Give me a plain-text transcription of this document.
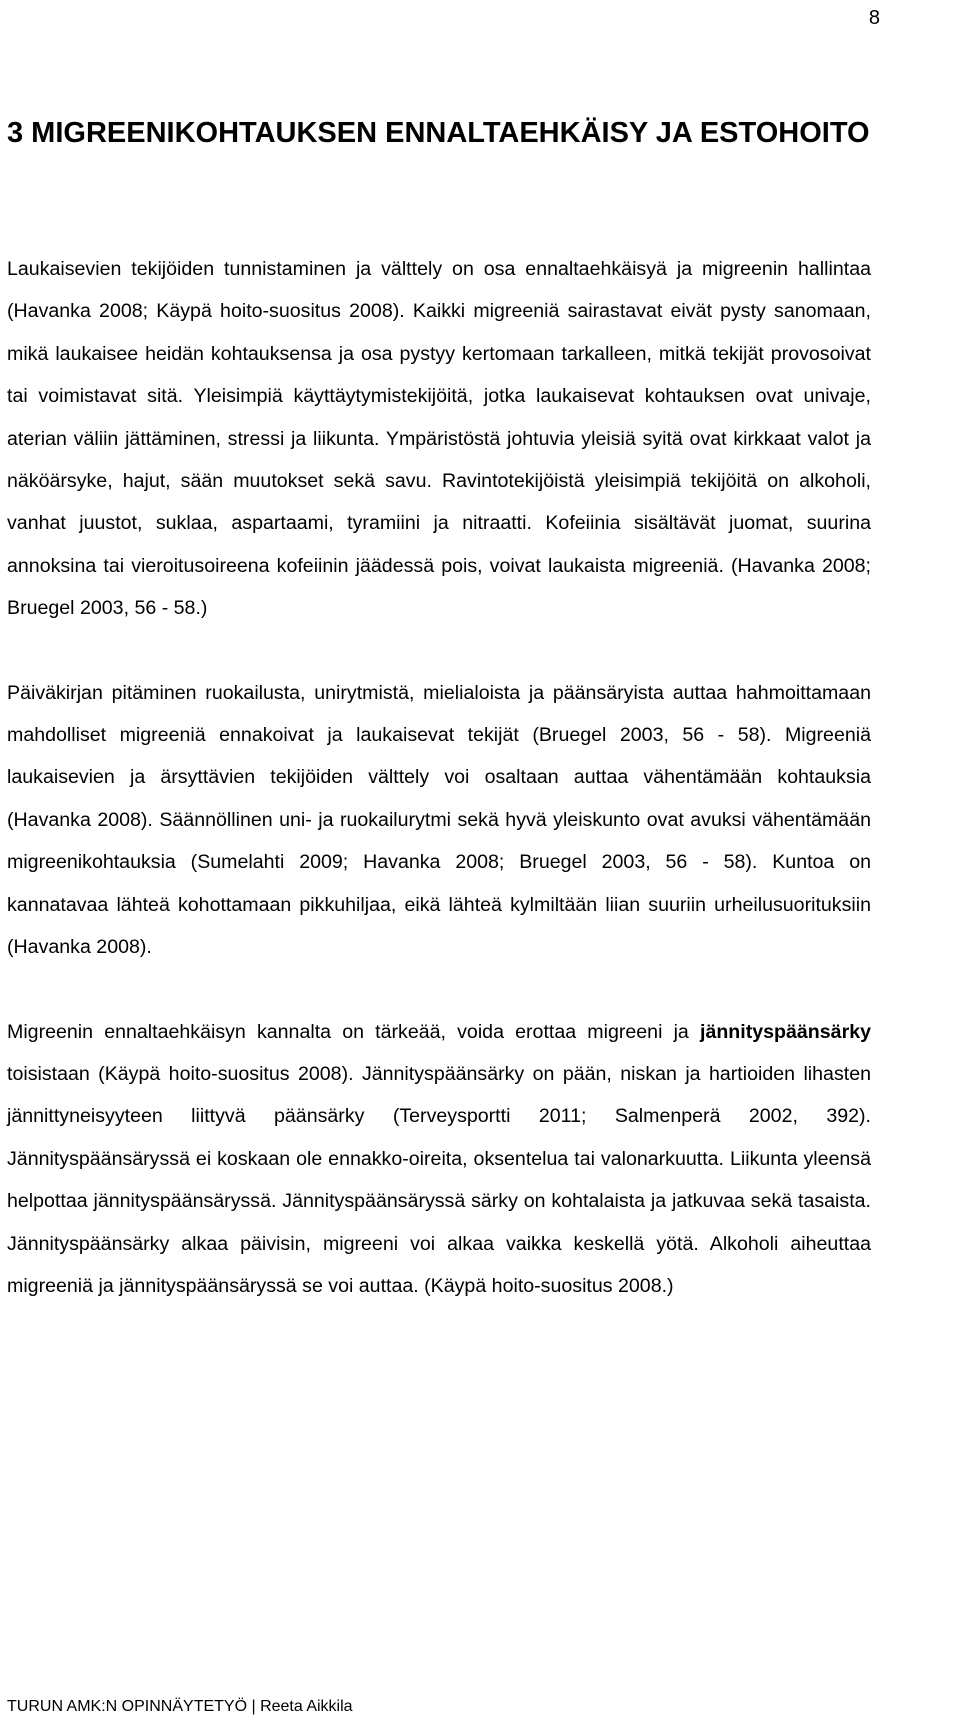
8
3 MIGREENIKOHTAUKSEN ENNALTAEHKÄISY JA ESTOHOITO

Laukaisevien tekijöiden tunnistaminen ja välttely on osa ennaltaehkäisyä ja migreenin hallintaa (Havanka 2008; Käypä hoito-suositus 2008). Kaikki migreeniä sairastavat eivät pysty sanomaan, mikä laukaisee heidän kohtauksensa ja osa pystyy kertomaan tarkalleen, mitkä tekijät provosoivat tai voimistavat sitä. Yleisimpiä käyttäytymistekijöitä, jotka laukaisevat kohtauksen ovat univaje, aterian väliin jättäminen, stressi ja liikunta. Ympäristöstä johtuvia yleisiä syitä ovat kirkkaat valot ja näköärsyke, hajut, sään muutokset sekä savu. Ravintotekijöistä yleisimpiä tekijöitä on alkoholi, vanhat juustot, suklaa, aspartaami, tyramiini ja nitraatti. Kofeiinia sisältävät juomat, suurina annoksina tai vieroitusoireena kofeiinin jäädessä pois, voivat laukaista migreeniä. (Havanka 2008; Bruegel 2003, 56 - 58.)

Päiväkirjan pitäminen ruokailusta, unirytmistä, mielialoista ja päänsäryista auttaa hahmoittamaan mahdolliset migreeniä ennakoivat ja laukaisevat tekijät (Bruegel 2003, 56 - 58). Migreeniä laukaisevien ja ärsyttävien tekijöiden välttely voi osaltaan auttaa vähentämään kohtauksia (Havanka 2008). Säännöllinen uni- ja ruokailurytmi sekä hyvä yleiskunto ovat avuksi vähentämään migreenikohtauksia (Sumelahti 2009; Havanka 2008; Bruegel 2003, 56 - 58). Kuntoa on kannatavaa lähteä kohottamaan pikkuhiljaa, eikä lähteä kylmiltään liian suuriin urheilusuorituksiin (Havanka 2008).

Migreenin ennaltaehkäisyn kannalta on tärkeää, voida erottaa migreeni ja jännityspäänsärky toisistaan (Käypä hoito-suositus 2008). Jännityspäänsärky on pään, niskan ja hartioiden lihasten jännittyneisyyteen liittyvä päänsärky (Terveysportti 2011; Salmenperä 2002, 392). Jännityspäänsäryssä ei koskaan ole ennakko-oireita, oksentelua tai valonarkuutta. Liikunta yleensä helpottaa jännityspäänsäryssä. Jännityspäänsäryssä särky on kohtalaista ja jatkuvaa sekä tasaista. Jännityspäänsärky alkaa päivisin, migreeni voi alkaa vaikka keskellä yötä. Alkoholi aiheuttaa migreeniä ja jännityspäänsäryssä se voi auttaa. (Käypä hoito-suositus 2008.)

TURUN AMK:N OPINNÄYTETYÖ | Reeta Aikkila
